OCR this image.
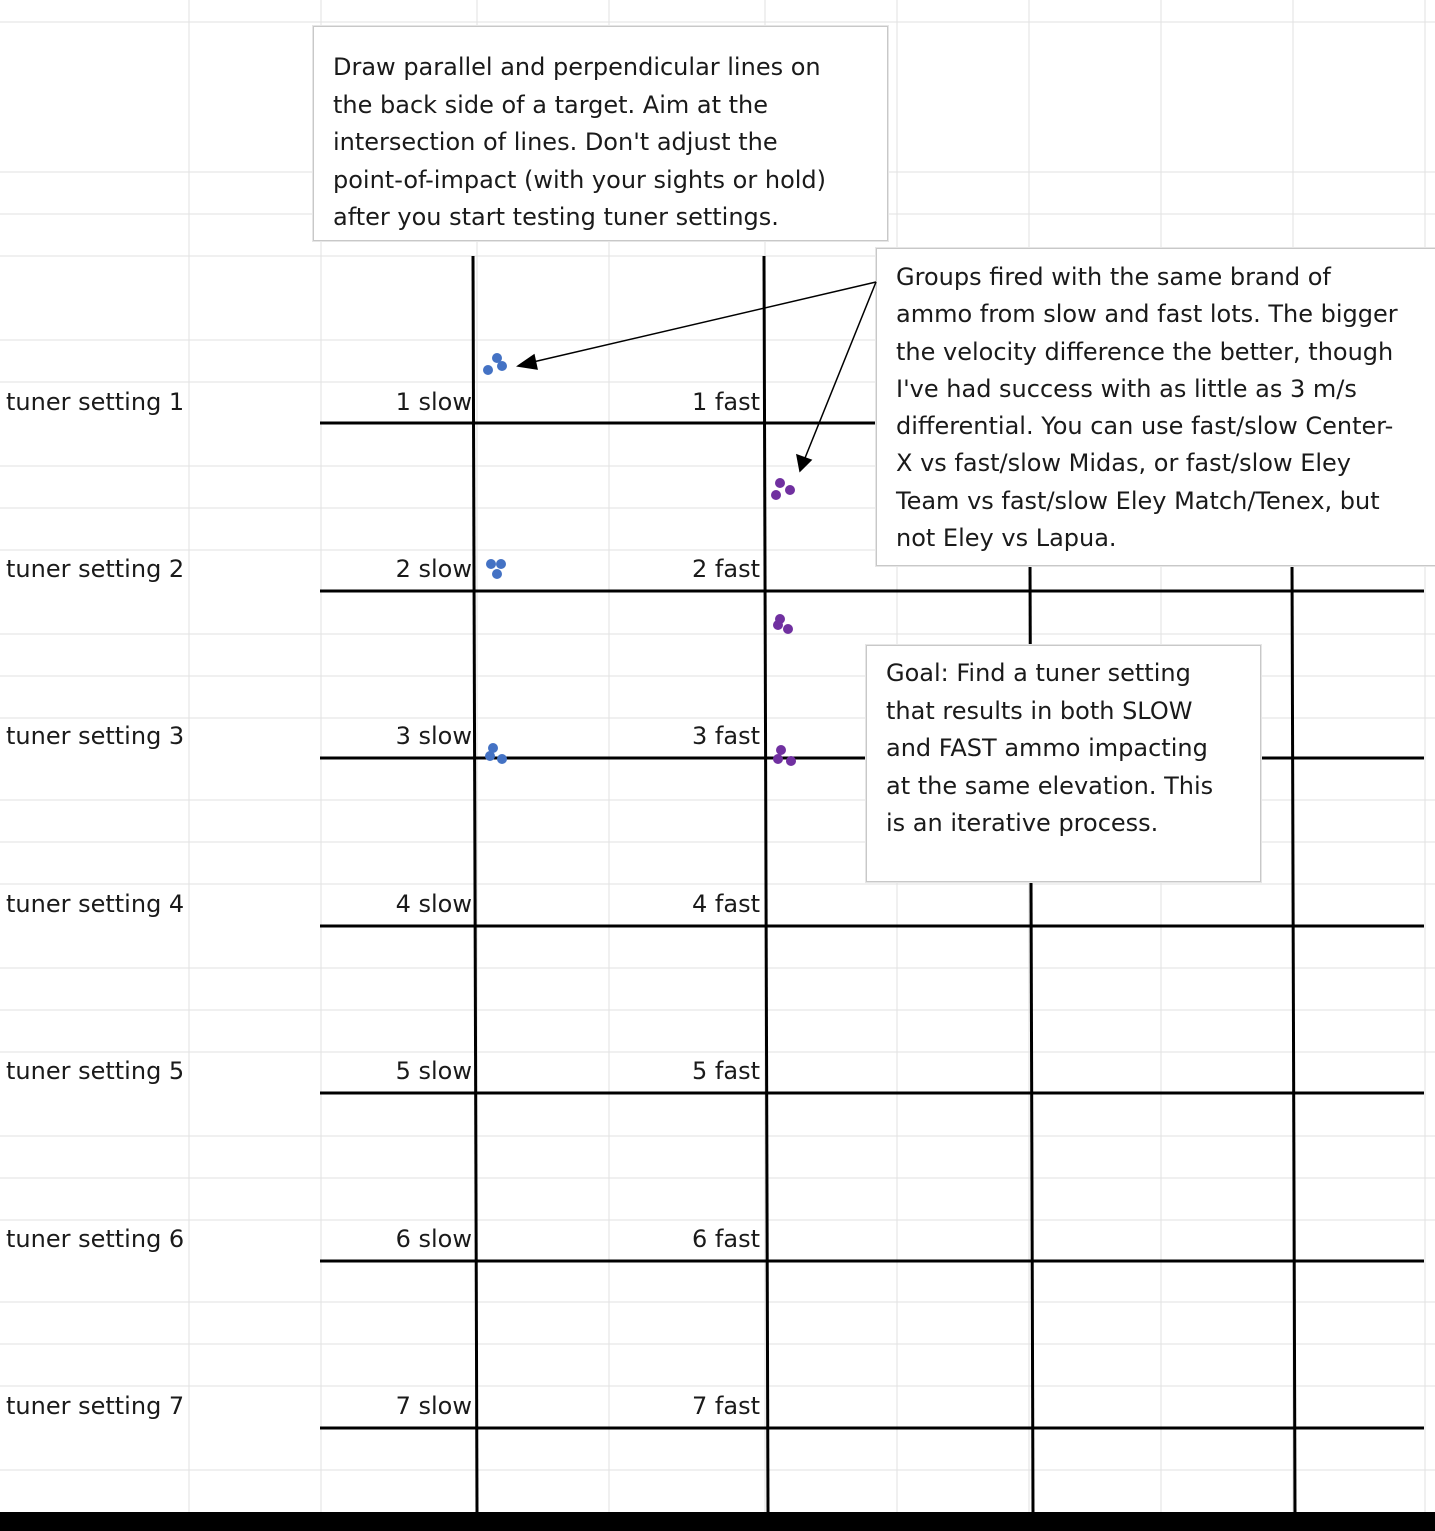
tuner setting 1
tuner setting 2
tuner setting 3
tuner setting 4
tuner setting 5
tuner setting 6
tuner setting 7
1 slow
2 slow
3 slow
4 slow
5 slow
6 slow
7 slow
1 fast
2 fast
3 fast
4 fast
5 fast
6 fast
7 fast
Draw parallel and perpendicular lines on
the back side of a target. Aim at the
intersection of lines. Don't adjust the
point-of-impact (with your sights or hold)
after you start testing tuner settings.
Groups fired with the same brand of
ammo from slow and fast lots. The bigger
the velocity difference the better, though
I've had success with as little as 3 m/s
differential. You can use fast/slow Center-
X vs fast/slow Midas, or fast/slow Eley
Team vs fast/slow Eley Match/Tenex, but
not Eley vs Lapua.
Goal: Find a tuner setting
that results in both SLOW
and FAST ammo impacting
at the same elevation. This
is an iterative process.
